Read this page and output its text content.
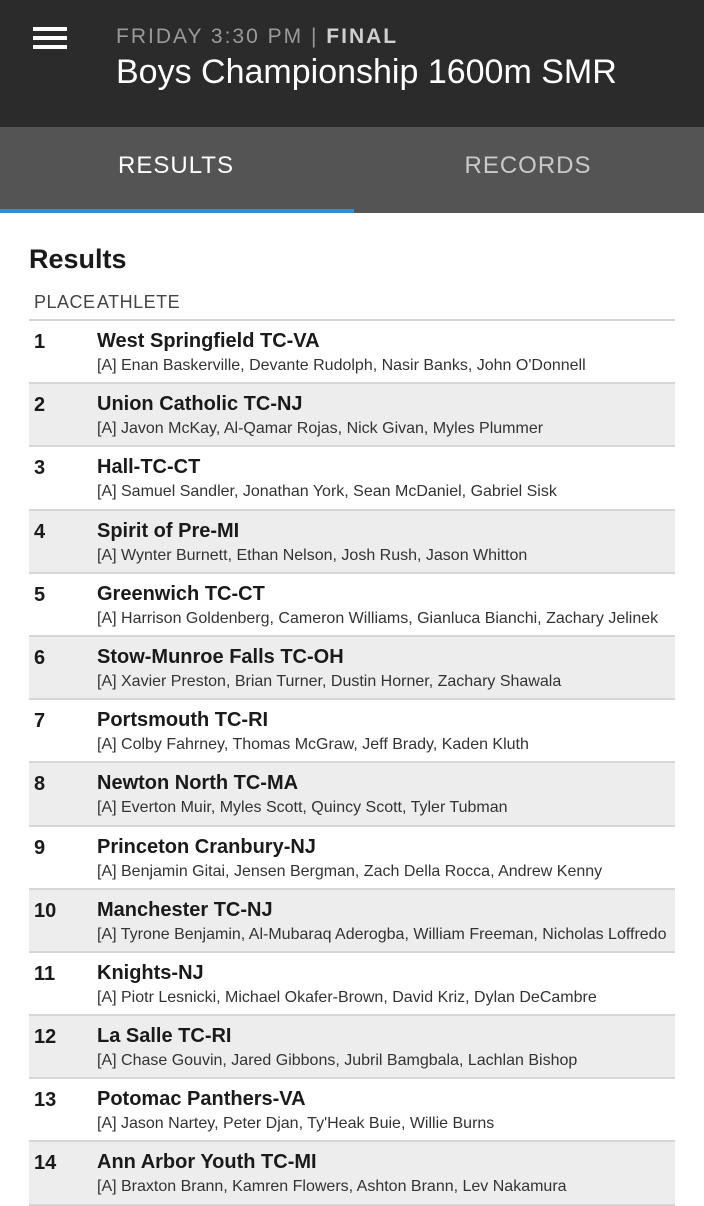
FRIDAY 3:30 PM | FINAL
Boys Championship 1600m SMR
RESULTS	RECORDS
Results
PLACE ATHLETE
1	West Springfield TC-VA
[A] Enan Baskerville, Devante Rudolph, Nasir Banks, John O'Donnell
2	Union Catholic TC-NJ
[A] Javon McKay, Al-Qamar Rojas, Nick Givan, Myles Plummer
3	Hall-TC-CT
[A] Samuel Sandler, Jonathan York, Sean McDaniel, Gabriel Sisk
4	Spirit of Pre-MI
[A] Wynter Burnett, Ethan Nelson, Josh Rush, Jason Whitton
5	Greenwich TC-CT
[A] Harrison Goldenberg, Cameron Williams, Gianluca Bianchi, Zachary Jelinek
6	Stow-Munroe Falls TC-OH
[A] Xavier Preston, Brian Turner, Dustin Horner, Zachary Shawala
7	Portsmouth TC-RI
[A] Colby Fahrney, Thomas McGraw, Jeff Brady, Kaden Kluth
8	Newton North TC-MA
[A] Everton Muir, Myles Scott, Quincy Scott, Tyler Tubman
9	Princeton Cranbury-NJ
[A] Benjamin Gitai, Jensen Bergman, Zach Della Rocca, Andrew Kenny
10 Manchester TC-NJ
[A] Tyrone Benjamin, Al-Mubaraq Aderogba, William Freeman, Nicholas Loffredo
11 Knights-NJ
[A] Piotr Lesnicki, Michael Okafer-Brown, David Kriz, Dylan DeCambre
12 La Salle TC-RI
[A] Chase Gouvin, Jared Gibbons, Jubril Bamgbala, Lachlan Bishop
13 Potomac Panthers-VA
[A] Jason Nartey, Peter Djan, Ty'Heak Buie, Willie Burns
14 Ann Arbor Youth TC-MI
[A] Braxton Brann, Kamren Flowers, Ashton Brann, Lev Nakamura
